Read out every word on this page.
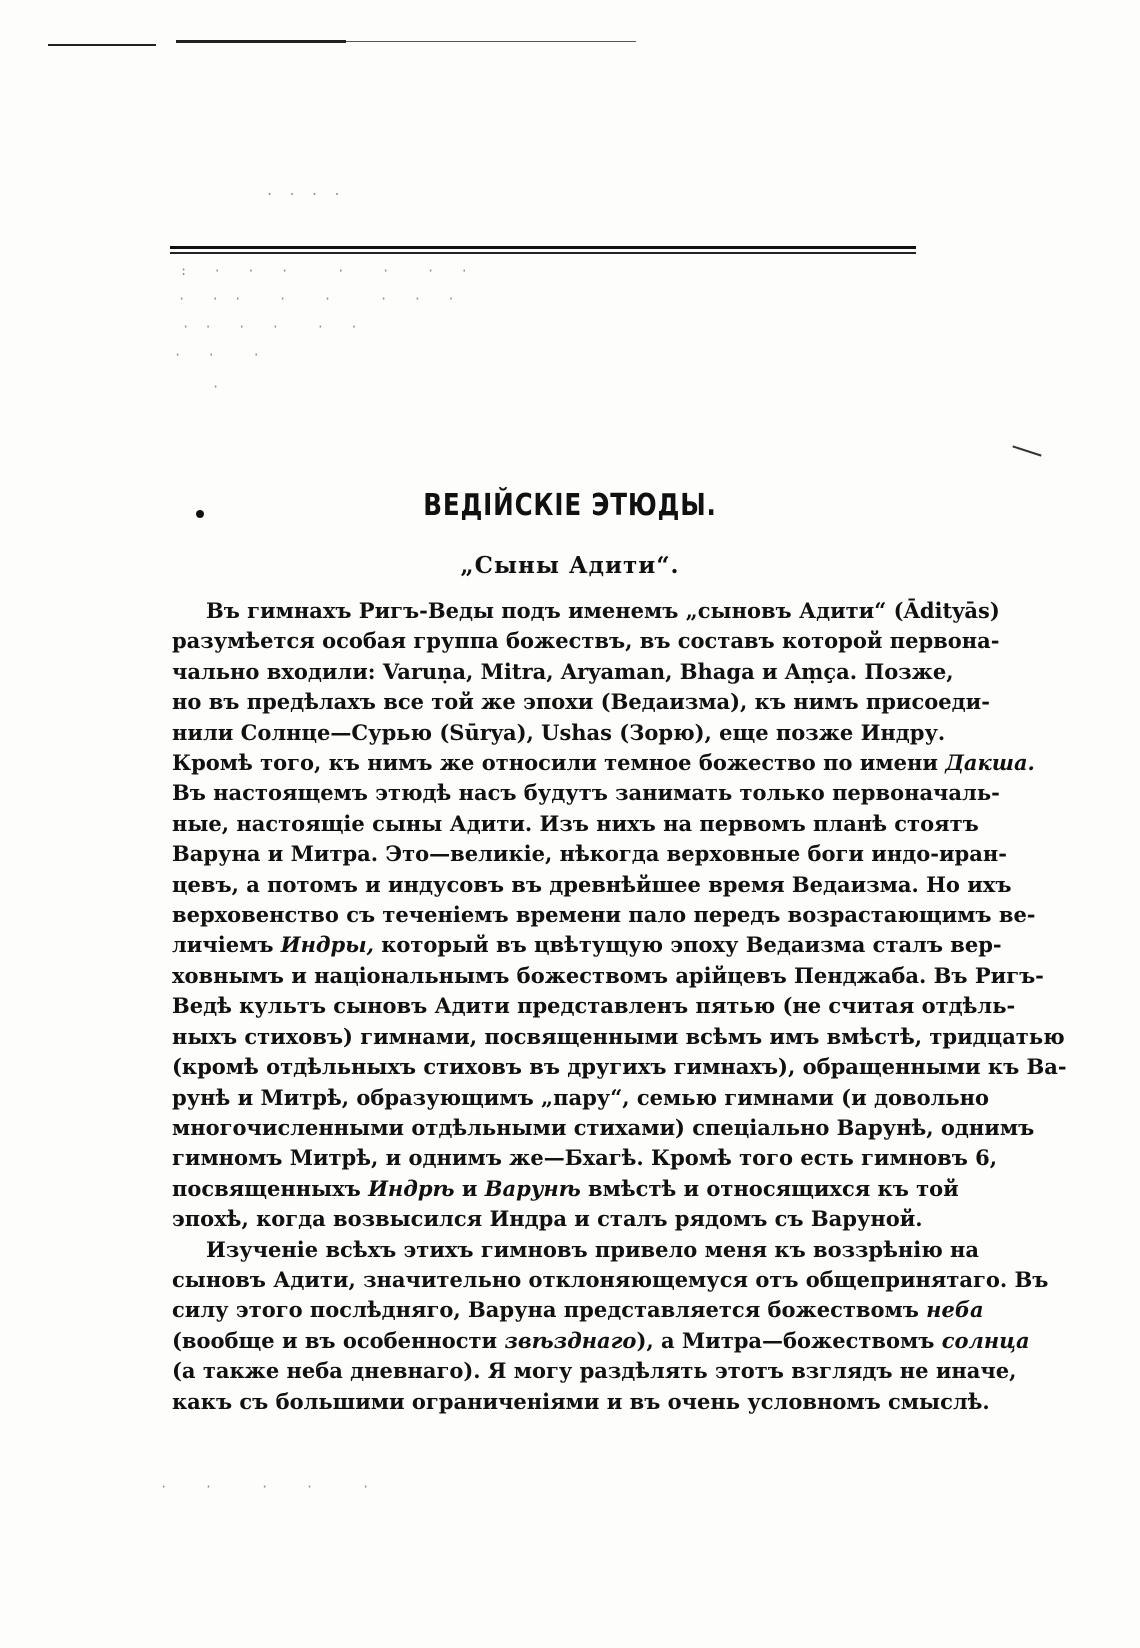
. . . .
:  ·  ·  ·    ·   ·   ·  ·
·  · ·   ·   ·    ·  ·  ·
· ·  ·  ·   ·  ·
·  ·   ·
·
ВЕДІЙСКІЕ ЭТЮДЫ.
„Сыны Адити“.
Въ гимнахъ Ригъ-Веды подъ именемъ „сыновъ Адити“ (Ādityās)
разумѣется особая группа божествъ, въ составъ которой первона-
чально входили: Varuṇa, Mitra, Aryaman, Bhaga и Aṃça. Позже,
но въ предѣлахъ все той же эпохи (Ведаизма), къ нимъ присоеди-
нили Солнце—Сурью (Sūrya), Ushas (Зорю), еще позже Индру.
Кромѣ того, къ нимъ же относили темное божество по имени Дакша.
Въ настоящемъ этюдѣ насъ будутъ занимать только первоначаль-
ные, настоящіе сыны Адити. Изъ нихъ на первомъ планѣ стоятъ
Варуна и Митра. Это—великіе, нѣкогда верховные боги индо-иран-
цевъ, а потомъ и индусовъ въ древнѣйшее время Ведаизма. Но ихъ
верховенство съ теченіемъ времени пало передъ возрастающимъ ве-
личіемъ Индры, который въ цвѣтущую эпоху Ведаизма сталъ вер-
ховнымъ и національнымъ божествомъ арійцевъ Пенджаба. Въ Ригъ-
Ведѣ культъ сыновъ Адити представленъ пятью (не считая отдѣль-
ныхъ стиховъ) гимнами, посвященными всѣмъ имъ вмѣстѣ, тридцатью
(кромѣ отдѣльныхъ стиховъ въ другихъ гимнахъ), обращенными къ Ва-
рунѣ и Митрѣ, образующимъ „пару“, семью гимнами (и довольно
многочисленными отдѣльными стихами) спеціально Варунѣ, однимъ
гимномъ Митрѣ, и однимъ же—Бхагѣ. Кромѣ того есть гимновъ 6,
посвященныхъ Индрѣ и Варунѣ вмѣстѣ и относящихся къ той
эпохѣ, когда возвысился Индра и сталъ рядомъ съ Варуной.
Изученіе всѣхъ этихъ гимновъ привело меня къ воззрѣнію на
сыновъ Адити, значительно отклоняющемуся отъ общепринятаго. Въ
силу этого послѣдняго, Варуна представляется божествомъ неба
(вообще и въ особенности звѣзднаго), а Митра—божествомъ солнца
(а также неба дневнаго). Я могу раздѣлять этотъ взглядъ не иначе,
какъ съ большими ограниченіями и въ очень условномъ смыслѣ.
·   ·    ·   ·    ·
